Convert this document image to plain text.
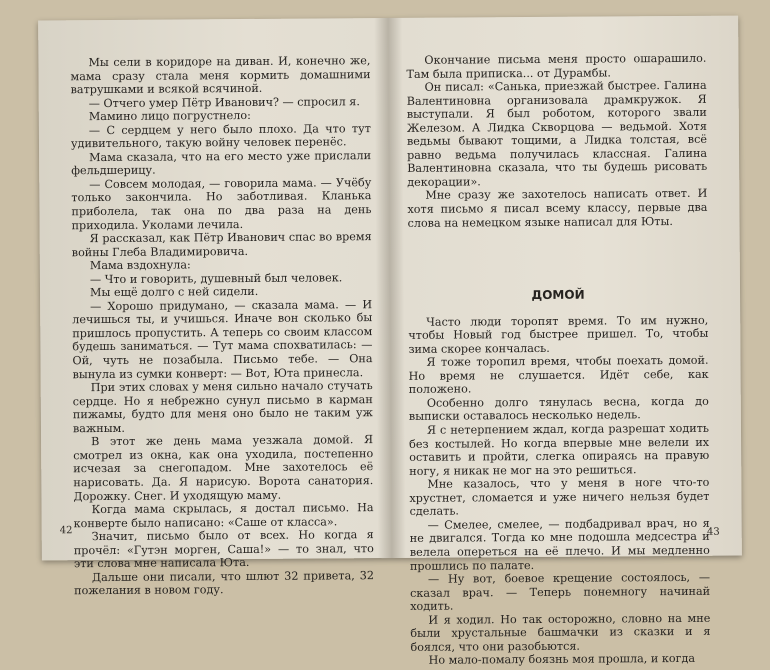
Мы сели в коридоре на диван. И, конечно же, мама сразу стала меня кормить домашними ватрушками и всякой всячиной.

— Отчего умер Пётр Иванович? — спросил я.

Мамино лицо погрустнело:

— С сердцем у него было плохо. Да что тут удивительного, такую войну человек перенёс.

Мама сказала, что на его место уже прислали фельдшерицу.

— Совсем молодая, — говорила мама. — Учёбу только закончила. Но заботливая. Кланька приболела, так она по два раза на день приходила. Уколами лечила.

Я рассказал, как Пётр Иванович спас во время войны Глеба Владимировича.

Мама вздохнула:

— Что и говорить, душевный был человек.

Мы ещё долго с ней сидели.

— Хорошо придумано, — сказала мама. — И лечишься ты, и учишься. Иначе вон сколько бы пришлось пропустить. А теперь со своим классом будешь заниматься. — Тут мама спохватилась: — Ой, чуть не позабыла. Письмо тебе. — Она вынула из сумки конверт: — Вот, Юта принесла.

При этих словах у меня сильно начало стучать сердце. Но я небрежно сунул письмо в карман пижамы, будто для меня оно было не таким уж важным.

В этот же день мама уезжала домой. Я смотрел из окна, как она уходила, постепенно исчезая за снегопадом. Мне захотелось её нарисовать. Да. Я нарисую. Ворота санатория. Дорожку. Снег. И уходящую маму.

Когда мама скрылась, я достал письмо. На конверте было написано: «Саше от класса».

Значит, письмо было от всех. Но когда я прочёл: «Гутэн морген, Саша!» — то знал, что эти слова мне написала Юта.

Дальше они писали, что шлют 32 привета, 32 пожелания в новом году.

42

Окончание письма меня просто ошарашило. Там была приписка... от Дурамбы.

Он писал: «Санька, приезжай быстрее. Галина Валентиновна организовала драмкружок. Я выступали. Я был роботом, которого звали Железом. А Лидка Скворцова — ведьмой. Хотя ведьмы бывают тощими, а Лидка толстая, всё равно ведьма получилась классная. Галина Валентиновна сказала, что ты будешь рисовать декорации».

Мне сразу же захотелось написать ответ. И хотя письмо я писал всему классу, первые два слова на немецком языке написал для Юты.

ДОМОЙ

Часто люди торопят время. То им нужно, чтобы Новый год быстрее пришел. То, чтобы зима скорее кончалась.

Я тоже торопил время, чтобы поехать домой. Но время не слушается. Идёт себе, как положено.

Особенно долго тянулась весна, когда до выписки оставалось несколько недель.

Я с нетерпением ждал, когда разрешат ходить без костылей. Но когда впервые мне велели их оставить и пройти, слегка опираясь на правую ногу, я никак не мог на это решиться.

Мне казалось, что у меня в ноге что-то хрустнет, сломается и уже ничего нельзя будет сделать.

— Смелее, смелее, — подбадривал врач, но я не двигался. Тогда ко мне подошла медсестра и велела опереться на её плечо. И мы медленно прошлись по палате.

— Ну вот, боевое крещение состоялось, — сказал врач. — Теперь понемногу начинай ходить.

И я ходил. Но так осторожно, словно на мне были хрустальные башмачки из сказки и я боялся, что они разобьются.

Но мало-помалу боязнь моя прошла, и когда

43
